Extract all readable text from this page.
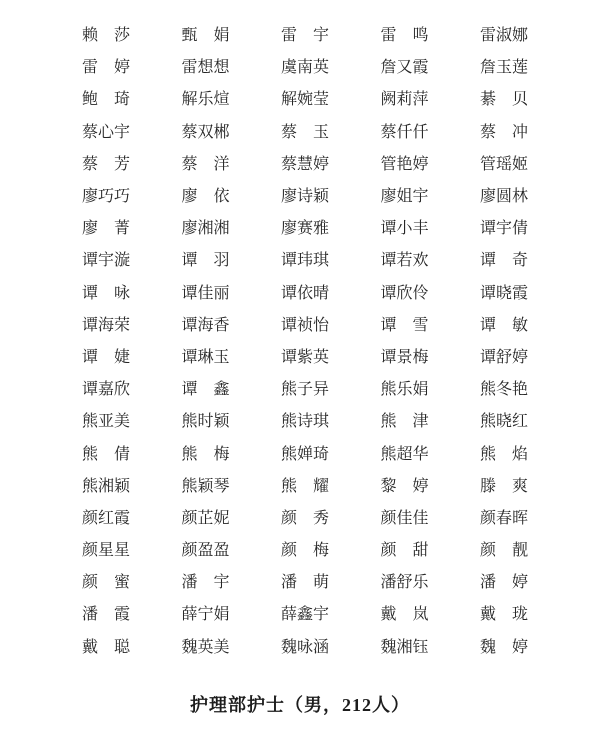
赖莎	甄娟	雷宇	雷鸣	雷淑娜
雷婷	雷想想	虞南英	詹又霞	詹玉莲
鲍琦	解乐煊	解婉莹	阙莉萍	綦贝
蔡心宇	蔡双郴	蔡玉	蔡仟仟	蔡冲
蔡芳	蔡洋	蔡慧婷	管艳婷	管瑶姬
廖巧巧	廖依	廖诗颖	廖姐宇	廖圆林
廖菁	廖湘湘	廖赛雅	谭小丰	谭宇倩
谭宇漩	谭羽	谭玮琪	谭若欢	谭奇
谭咏	谭佳丽	谭依晴	谭欣伶	谭晓霞
谭海荣	谭海香	谭祯怡	谭雪	谭敏
谭婕	谭琳玉	谭紫英	谭景梅	谭舒婷
谭嘉欣	谭鑫	熊子异	熊乐娟	熊冬艳
熊亚美	熊时颖	熊诗琪	熊津	熊晓红
熊倩	熊梅	熊婵琦	熊超华	熊焰
熊湘颖	熊颖琴	熊耀	黎婷	滕爽
颜红霞	颜芷妮	颜秀	颜佳佳	颜春晖
颜星星	颜盈盈	颜梅	颜甜	颜靓
颜蜜	潘宇	潘萌	潘舒乐	潘婷
潘霞	薛宁娟	薛鑫宇	戴岚	戴珑
戴聪	魏英美	魏咏涵	魏湘钰	魏婷
护理部护士（男，212人）
